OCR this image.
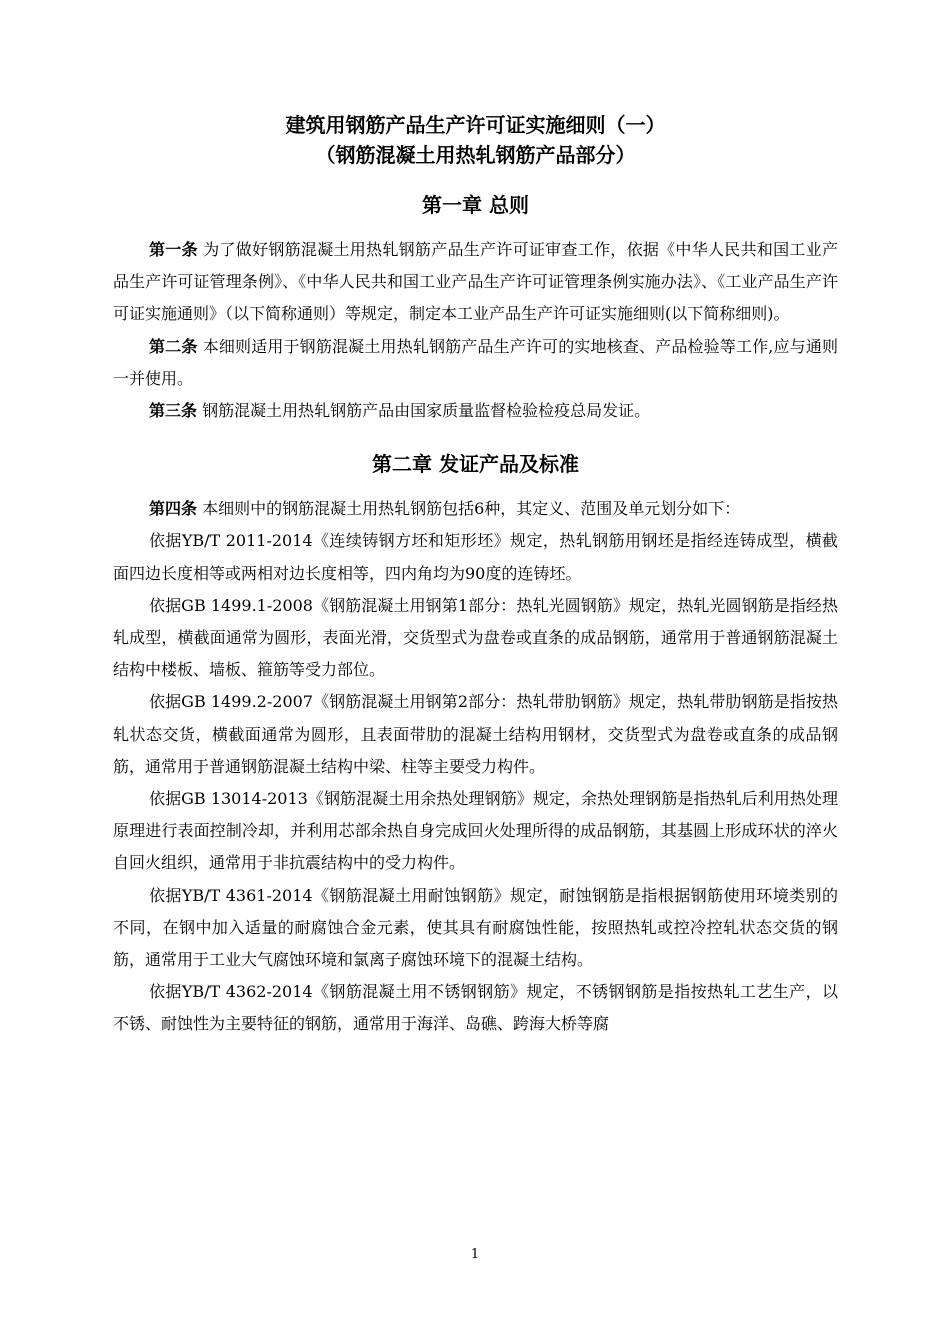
建筑用钢筋产品生产许可证实施细则（一）
（钢筋混凝土用热轧钢筋产品部分）
第一章 总则

第一条 为了做好钢筋混凝土用热轧钢筋产品生产许可证审查工作，依据《中华人民共和国工业产品生产许可证管理条例》、《中华人民共和国工业产品生产许可证管理条例实施办法》、《工业产品生产许可证实施通则》（以下简称通则）等规定，制定本工业产品生产许可证实施细则(以下简称细则)。

第二条 本细则适用于钢筋混凝土用热轧钢筋产品生产许可的实地核查、产品检验等工作,应与通则一并使用。

第三条 钢筋混凝土用热轧钢筋产品由国家质量监督检验检疫总局发证。

第二章 发证产品及标准

第四条 本细则中的钢筋混凝土用热轧钢筋包括6种，其定义、范围及单元划分如下：

依据YB/T 2011-2014《连续铸钢方坯和矩形坯》规定，热轧钢筋用钢坯是指经连铸成型，横截面四边长度相等或两相对边长度相等，四内角均为90度的连铸坯。

依据GB 1499.1-2008《钢筋混凝土用钢第1部分：热轧光圆钢筋》规定，热轧光圆钢筋是指经热轧成型，横截面通常为圆形，表面光滑，交货型式为盘卷或直条的成品钢筋，通常用于普通钢筋混凝土结构中楼板、墙板、箍筋等受力部位。

依据GB 1499.2-2007《钢筋混凝土用钢第2部分：热轧带肋钢筋》规定，热轧带肋钢筋是指按热轧状态交货，横截面通常为圆形，且表面带肋的混凝土结构用钢材，交货型式为盘卷或直条的成品钢筋，通常用于普通钢筋混凝土结构中梁、柱等主要受力构件。

依据GB 13014-2013《钢筋混凝土用余热处理钢筋》规定，余热处理钢筋是指热轧后利用热处理原理进行表面控制冷却，并利用芯部余热自身完成回火处理所得的成品钢筋，其基圆上形成环状的淬火自回火组织，通常用于非抗震结构中的受力构件。

依据YB/T 4361-2014《钢筋混凝土用耐蚀钢筋》规定，耐蚀钢筋是指根据钢筋使用环境类别的不同，在钢中加入适量的耐腐蚀合金元素，使其具有耐腐蚀性能，按照热轧或控冷控轧状态交货的钢筋，通常用于工业大气腐蚀环境和氯离子腐蚀环境下的混凝土结构。

依据YB/T 4362-2014《钢筋混凝土用不锈钢钢筋》规定，不锈钢钢筋是指按热轧工艺生产，以不锈、耐蚀性为主要特征的钢筋，通常用于海洋、岛礁、跨海大桥等腐

1
